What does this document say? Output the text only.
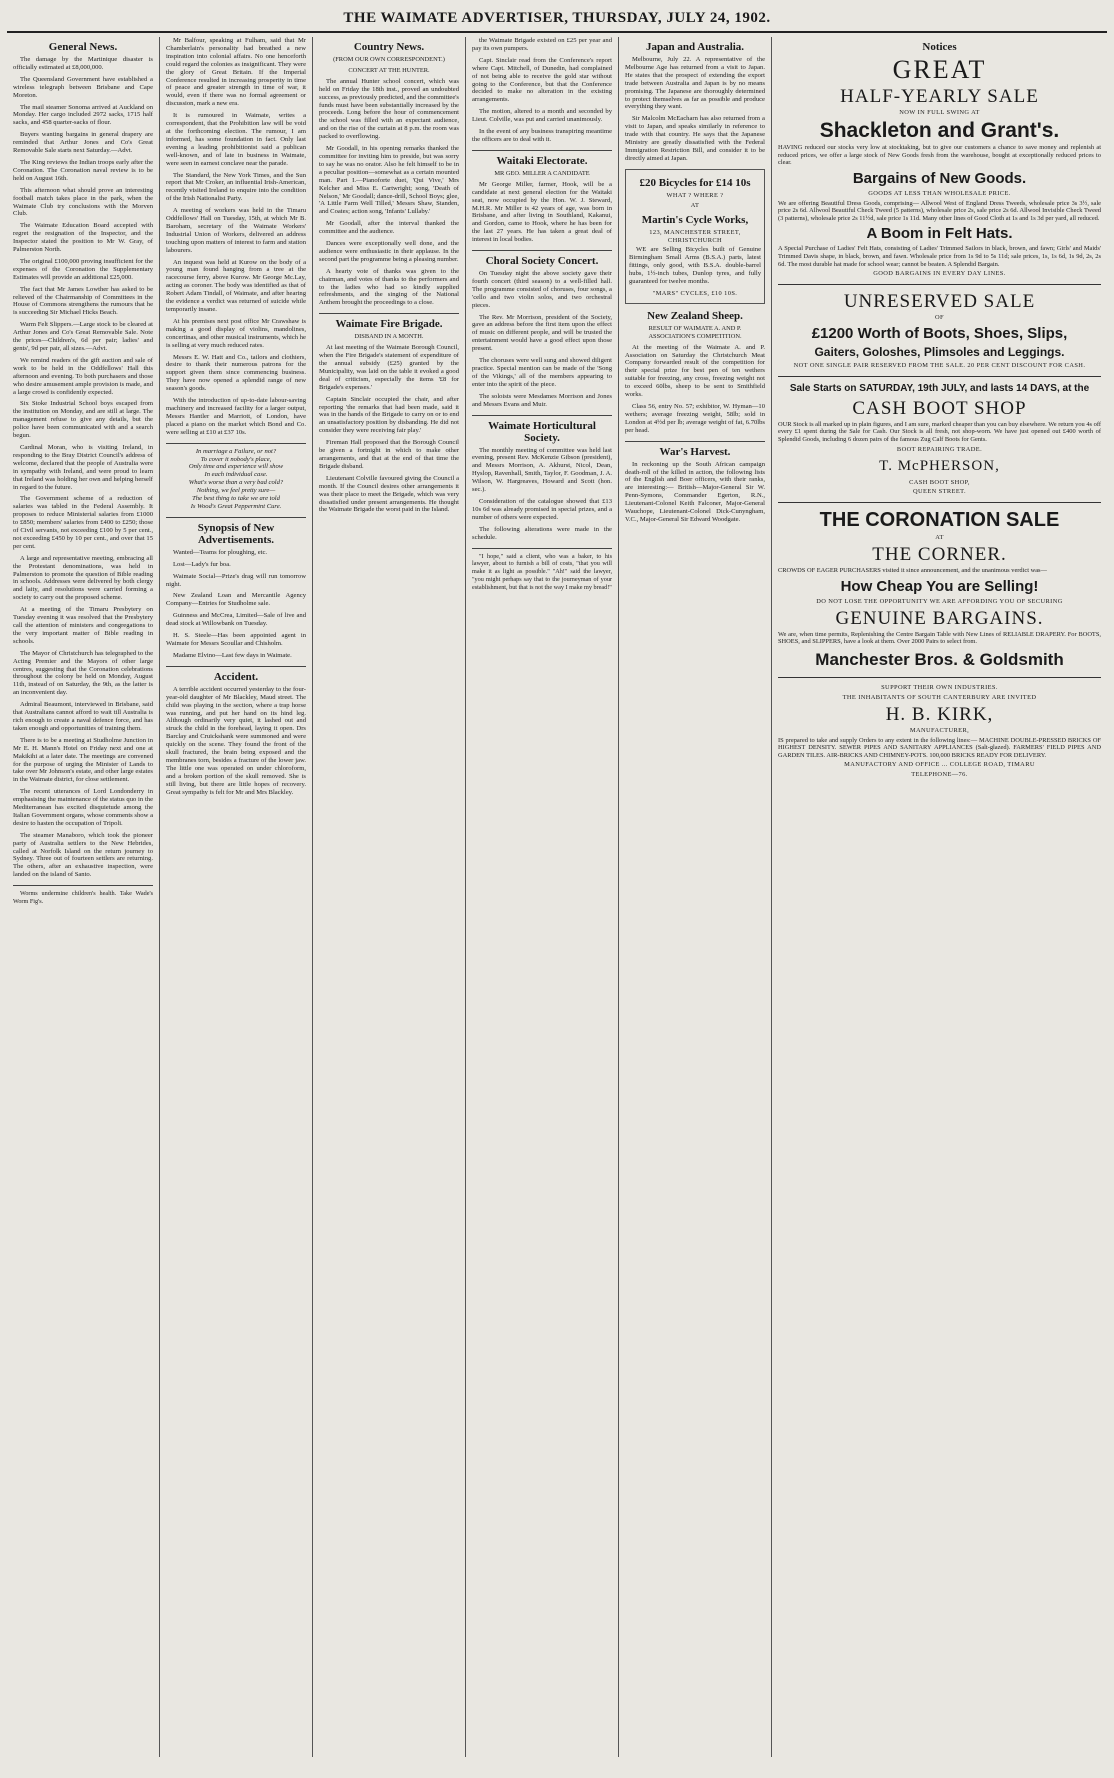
THE WAIMATE ADVERTISER, THURSDAY, JULY 24, 1902.
General News.

The damage by the Martinique disaster is officially estimated at £8,000,000.

The Queensland Government have established a wireless telegraph between Brisbane and Cape Moreton.

The mail steamer Sonoma arrived at Auckland on Monday. Her cargo included 2972 sacks, 1715 half sacks, and 458 quarter-sacks of flour.

Buyers wanting bargains in general drapery are reminded that Arthur Jones and Co's Great Removable Sale starts next Saturday.—Advt.

The King reviews the Indian troops early after the Coronation. The Coronation naval review is to be held on August 16th.

This afternoon what should prove an interesting football match takes place in the park, when the Waimate Club try conclusions with the Morven Club.

The Waimate Education Board accepted with regret the resignation of the Inspector, and the Inspector stated the position to Mr W. Gray, of Palmerston North.

The original £100,000 proving insufficient for the expenses of the Coronation the Supplementary Estimates will provide an additional £25,000.

The fact that Mr James Lowther has asked to be relieved of the Chairmanship of Committees in the House of Commons strengthens the rumours that he is succeeding Sir Michael Hicks Beach.

Warm Felt Slippers.—Large stock to be cleared at Arthur Jones and Co's Great Removable Sale. Note the prices—Children's, 6d per pair; ladies' and gents', 9d per pair, all sizes.—Advt.

We remind readers of the gift auction and sale of work to be held in the Oddfellows' Hall this afternoon and evening. To both purchasers and those who desire amusement ample provision is made, and a large crowd is confidently expected.

Six Stoke Industrial School boys escaped from the institution on Monday, and are still at large. The management refuse to give any details, but the police have been communicated with and a search begun.

Cardinal Moran, who is visiting Ireland, in responding to the Bray District Council's address of welcome, declared that the people of Australia were in sympathy with Ireland, and were proud to learn that Ireland was holding her own and helping herself in regard to the future.

The Government scheme of a reduction of salaries was tabled in the Federal Assembly. It proposes to reduce Ministerial salaries from £1000 to £850; members' salaries from £400 to £250; those of Civil servants, not exceeding £100 by 5 per cent., not exceeding £450 by 10 per cent., and over that 15 per cent.

A large and representative meeting, embracing all the Protestant denominations, was held in Palmerston to promote the question of Bible reading in schools. Addresses were delivered by both clergy and laity, and resolutions were carried forming a society to carry out the proposed scheme.

At a meeting of the Timaru Presbytery on Tuesday evening it was resolved that the Presbytery call the attention of ministers and congregations to the very important matter of Bible reading in schools.

The Mayor of Christchurch has telegraphed to the Acting Premier and the Mayors of other large centres, suggesting that the Coronation celebrations throughout the colony be held on Monday, August 11th, instead of on Saturday, the 9th, as the latter is an inconvenient day.

Admiral Beaumont, interviewed in Brisbane, said that Australians cannot afford to wait till Australia is rich enough to create a naval defence force, and has taken enough and opportunities of training them.

There is to be a meeting at Studholme Junction in Mr E. H. Mann's Hotel on Friday next and one at Makikihi at a later date. The meetings are convened for the purpose of urging the Minister of Lands to take over Mr Johnson's estate, and other large estates in the Waimate district, for close settlement.

The recent utterances of Lord Londonderry in emphasising the maintenance of the status quo in the Mediterranean has excited disquietude among the Italian Government organs, whose comments show a desire to hasten the occupation of Tripoli.

The steamer Manaboro, which took the pioneer party of Australia settlers to the New Hebrides, called at Norfolk Island on the return journey to Sydney. Three out of fourteen settlers are returning. The others, after an exhaustive inspection, were landed on the island of Santo.

Worms undermine children's health. Take Wade's Worm Fig's.

Mr Balfour, speaking at Fulham, said that Mr Chamberlain's personality had breathed a new inspiration into colonial affairs. No one henceforth could regard the colonies as insignificant. They were the glory of Great Britain. If the Imperial Conference resulted in increasing prosperity in time of peace and greater strength in time of war, it would, even if there was no formal agreement or discussion, mark a new era.

It is rumoured in Waimate, writes a correspondent, that the Prohibition law will be void at the forthcoming election. The rumour, I am informed, has some foundation in fact. Only last evening a leading prohibitionist said a publican well-known, and of late in business in Waimate, were seen in earnest conclave near the parade.

The Standard, the New York Times, and the Sun report that Mr Croker, an influential Irish-American, recently visited Ireland to enquire into the condition of the Irish Nationalist Party.

A meeting of workers was held in the Timaru Oddfellows' Hall on Tuesday, 15th, at which Mr B. Baroham, secretary of the Waimate Workers' Industrial Union of Workers, delivered an address touching upon matters of interest to farm and station labourers.

An inquest was held at Kurow on the body of a young man found hanging from a tree at the racecourse ferry, above Kurow. Mr George Mc.Lay, acting as coroner. The body was identified as that of Robert Adam Tindall, of Waimate, and after hearing the evidence a verdict was returned of suicide while temporarily insane.

At his premises next post office Mr Crawshaw is making a good display of violins, mandolines, concertinas, and other musical instruments, which he is selling at very much reduced rates.

Messrs E. W. Hatt and Co., tailors and clothiers, desire to thank their numerous patrons for the support given them since commencing business. They have now opened a splendid range of new season's goods.

With the introduction of up-to-date labour-saving machinery and increased facility for a larger output, Messrs Hantler and Marriott, of London, have placed a piano on the market which Bond and Co. were selling at £10 at £37 10s.

In marriage a Failure, or not?
To cover it nobody's place,
Only time and experience will show
In each individual case.
What's worse than a very bad cold?
Nothing, we feel pretty sure—
The best thing to take we are told
Is Wood's Great Peppermint Cure.
Synopsis of New Advertisements.

Wanted—Teams for ploughing, etc.

Lost—Lady's fur boa.

Waimate Social—Prize's drag will run tomorrow night.

New Zealand Loan and Mercantile Agency Company—Entries for Studholme sale.

Guinness and McCrea, Limited—Sale of live and dead stock at Willowbank on Tuesday.

H. S. Steele—Has been appointed agent in Waimate for Messrs Scoullar and Chisholm.

Madame Elvino—Last few days in Waimate.

Accident.

A terrible accident occurred yesterday to the four-year-old daughter of Mr Blackley, Maud street. The child was playing in the section, where a trap horse was running, and put her hand on its hind leg. Although ordinarily very quiet, it lashed out and struck the child in the forehead, laying it open. Drs Barclay and Cruickshank were summoned and were quickly on the scene. They found the front of the skull fractured, the brain being exposed and the membranes torn, besides a fracture of the lower jaw. The little one was operated on under chloroform, and a broken portion of the skull removed. She is still living, but there are little hopes of recovery. Great sympathy is felt for Mr and Mrs Blackley.

Country News.
(FROM OUR OWN CORRESPONDENT.)
CONCERT AT THE HUNTER.

The annual Hunter school concert, which was held on Friday the 18th inst., proved an undoubted success, as previously predicted, and the committee's funds must have been substantially increased by the proceeds. Long before the hour of commencement the school was filled with an expectant audience, and on the rise of the curtain at 8 p.m. the room was packed to overflowing.

Mr Goodall, in his opening remarks thanked the committee for inviting him to preside, but was sorry to say he was no orator. Also he felt himself to be in a peculiar position—somewhat as a certain mounted man. Part I.—Pianoforte duet, 'Qui Vive,' Mrs Kelcher and Miss E. Cartwright; song, 'Death of Nelson,' Mr Goodall; dance-drill, School Boys; glee, 'A Little Farm Well Tilled,' Messrs Shaw, Standen, and Coates; action song, 'Infants' Lullaby.'

Mr Goodall, after the interval thanked the committee and the audience.

Dances were exceptionally well done, and the audience were enthusiastic in their applause. In the second part the programme being a pleasing number.

A hearty vote of thanks was given to the chairman, and votes of thanks to the performers and to the ladies who had so kindly supplied refreshments, and the singing of the National Anthem brought the proceedings to a close.

Waimate Fire Brigade.
DISBAND IN A MONTH.

At last meeting of the Waimate Borough Council, when the Fire Brigade's statement of expenditure of the annual subsidy (£25) granted by the Municipality, was laid on the table it evoked a good deal of criticism, especially the items '£8 for Brigade's expenses.'

Captain Sinclair occupied the chair, and after reporting 'the remarks that had been made, said it was in the hands of the Brigade to carry on or to end an unsatisfactory position by disbanding. He did not consider they were receiving fair play.'

Fireman Hall proposed that the Borough Council be given a fortnight in which to make other arrangements, and that at the end of that time the Brigade disband.

Lieutenant Colville favoured giving the Council a month. If the Council desires other arrangements it was their place to meet the Brigade, which was very dissatisfied under present arrangements. He thought the Waimate Brigade the worst paid in the Island.

the Waimate Brigade existed on £25 per year and pay its own pumpers.

Capt. Sinclair read from the Conference's report where Capt. Mitchell, of Dunedin, had complained of not being able to receive the gold star without going to the Conference, but that the Conference decided to make no alteration in the existing arrangements.

The motion, altered to a month and seconded by Lieut. Colville, was put and carried unanimously.

In the event of any business transpiring meantime the officers are to deal with it.

Waitaki Electorate.
MR GEO. MILLER A CANDIDATE

Mr George Miller, farmer, Hook, will be a candidate at next general election for the Waitaki seat, now occupied by the Hon. W. J. Steward, M.H.R. Mr Miller is 42 years of age, was born in Brisbane, and after living in Southland, Kakanui, and Gordon, came to Hook, where he has been for the last 27 years. He has taken a great deal of interest in local bodies.

Choral Society Concert.

On Tuesday night the above society gave their fourth concert (third season) to a well-filled hall. The programme consisted of choruses, four songs, a 'cello and two violin solos, and two orchestral pieces.

The Rev. Mr Morrison, president of the Society, gave an address before the first item upon the effect of music on different people, and will be trusted the entertainment would have a good effect upon those present.

The choruses were well sung and showed diligent practice. Special mention can be made of the 'Song of the Vikings,' all of the members appearing to enter into the spirit of the piece.

The soloists were Mesdames Morrison and Jones and Messrs Evans and Muir.

Waimate Horticultural Society.

The monthly meeting of committee was held last evening, present Rev. McKenzie Gibson (president), and Messrs Morrison, A. Akhurst, Nicol, Dean, Hyslop, Ravenhall, Smith, Taylor, F. Goodman, J. A. Wilson, W. Hargreaves, Howard and Scott (hon. sec.).

Consideration of the catalogue showed that £13 10s 6d was already promised in special prizes, and a number of others were expected.

The following alterations were made in the schedule.

"I hope," said a client, who was a baker, to his lawyer, about to furnish a bill of costs, "that you will make it as light as possible." "Ah!" said the lawyer, "you might perhaps say that to the journeyman of your establishment, but that is not the way I make my bread!"

Japan and Australia.

Melbourne, July 22. A representative of the Melbourne Age has returned from a visit to Japan. He states that the prospect of extending the export trade between Australia and Japan is by no means promising. The Japanese are thoroughly determined to protect themselves as far as possible and produce everything they want.

Sir Malcolm McEacharn has also returned from a visit to Japan, and speaks similarly in reference to trade with that country. He says that the Japanese Ministry are greatly dissatisfied with the Federal Immigration Restriction Bill, and consider it to be directly aimed at Japan.

£20 Bicycles for £14 10s
WHAT ? WHERE ?
AT
Martin's Cycle Works,
123, MANCHESTER STREET, CHRISTCHURCH

WE are Selling Bicycles built of Genuine Birmingham Small Arms (B.S.A.) parts, latest fittings, only good, with B.S.A. double-barrel hubs, 1½-inch tubes, Dunlop tyres, and fully guaranteed for twelve months.

"MARS" CYCLES, £10 10S.
New Zealand Sheep.
RESULT OF WAIMATE A. AND P. ASSOCIATION'S COMPETITION.

At the meeting of the Waimate A. and P. Association on Saturday the Christchurch Meat Company forwarded result of the competition for their special prize for best pen of ten wethers suitable for freezing, any cross, freezing weight not to exceed 60lbs, sheep to be sent to Smithfield works.

Class 56, entry No. 57; exhibitor, W. Hyman—10 wethers; average freezing weight, 58lb; sold in London at 4½d per lb; average weight of fat, 6.70lbs per head.

War's Harvest.

In reckoning up the South African campaign death-roll of the killed in action, the following lists of the English and Boer officers, with their ranks, are interesting:— British—Major-General Sir W. Penn-Symons, Commander Egerton, R.N., Lieutenant-Colonel Keith Falconer, Major-General Wauchope, Lieutenant-Colonel Dick-Cunyngham, V.C., Major-General Sir Edward Woodgate.

Notices
GREAT
HALF-YEARLY SALE
NOW IN FULL SWING AT
Shackleton and Grant's.
HAVING reduced our stocks very low at stocktaking, but to give our customers a chance to save money and replenish at reduced prices, we offer a large stock of New Goods fresh from the warehouse, bought at exceptionally reduced prices to clear.
Bargains of New Goods.
GOODS AT LESS THAN WHOLESALE PRICE.
We are offering Beautiful Dress Goods, comprising— Allwool West of England Dress Tweeds, wholesale price 3s 3½, sale price 2s 6d. Allwool Beautiful Check Tweed (5 patterns), wholesale price 2s, sale price 2s 6d. Allwool Invisible Check Tweed (3 patterns), wholesale price 2s 11½d, sale price 1s 11d. Many other lines of Good Cloth at 1s and 1s 3d per yard, all reduced.
A Boom in Felt Hats.
A Special Purchase of Ladies' Felt Hats, consisting of Ladies' Trimmed Sailors in black, brown, and fawn; Girls' and Maids' Trimmed Davis shape, in black, brown, and fawn. Wholesale price from 1s 9d to 5s 11d; sale prices, 1s, 1s 6d, 1s 9d, 2s, 2s 6d. The most durable hat made for school wear; cannot be beaten. A Splendid Bargain.
GOOD BARGAINS IN EVERY DAY LINES.
UNRESERVED SALE
OF
£1200 Worth of Boots, Shoes, Slips,
Gaiters, Goloshes, Plimsoles and Leggings.
NOT ONE SINGLE PAIR RESERVED FROM THE SALE. 20 PER CENT DISCOUNT FOR CASH.
Sale Starts on SATURDAY, 19th JULY, and lasts 14 DAYS, at the
CASH BOOT SHOP
OUR Stock is all marked up in plain figures, and I am sure, marked cheaper than you can buy elsewhere. We return you 4s off every £1 spent during the Sale for Cash. Our Stock is all fresh, not shop-worn. We have just opened out £400 worth of Splendid Goods, including 6 dozen pairs of the famous Zug Calf Boots for Gents.
BOOT REPAIRING TRADE.
T. McPHERSON,
CASH BOOT SHOP,
QUEEN STREET.
THE CORONATION SALE
AT
THE CORNER.
CROWDS OF EAGER PURCHASERS visited it since announcement, and the unanimous verdict was—
How Cheap You are Selling!
DO NOT LOSE THE OPPORTUNITY WE ARE AFFORDING YOU OF SECURING
GENUINE BARGAINS.
We are, when time permits, Replenishing the Centre Bargain Table with New Lines of RELIABLE DRAPERY. For BOOTS, SHOES, and SLIPPERS, have a look at them. Over 2000 Pairs to select from.
Manchester Bros. & Goldsmith
SUPPORT THEIR OWN INDUSTRIES.
THE INHABITANTS OF SOUTH CANTERBURY ARE INVITED
H. B. KIRK,
MANUFACTURER,
IS prepared to take and supply Orders to any extent in the following lines:— MACHINE DOUBLE-PRESSED BRICKS OF HIGHEST DENSITY. SEWER PIPES AND SANITARY APPLIANCES (Salt-glazed). FARMERS' FIELD PIPES AND GARDEN TILES. AIR-BRICKS AND CHIMNEY-POTS. 100,000 BRICKS READY FOR DELIVERY.
MANUFACTORY AND OFFICE ... COLLEGE ROAD, TIMARU
TELEPHONE—76.
